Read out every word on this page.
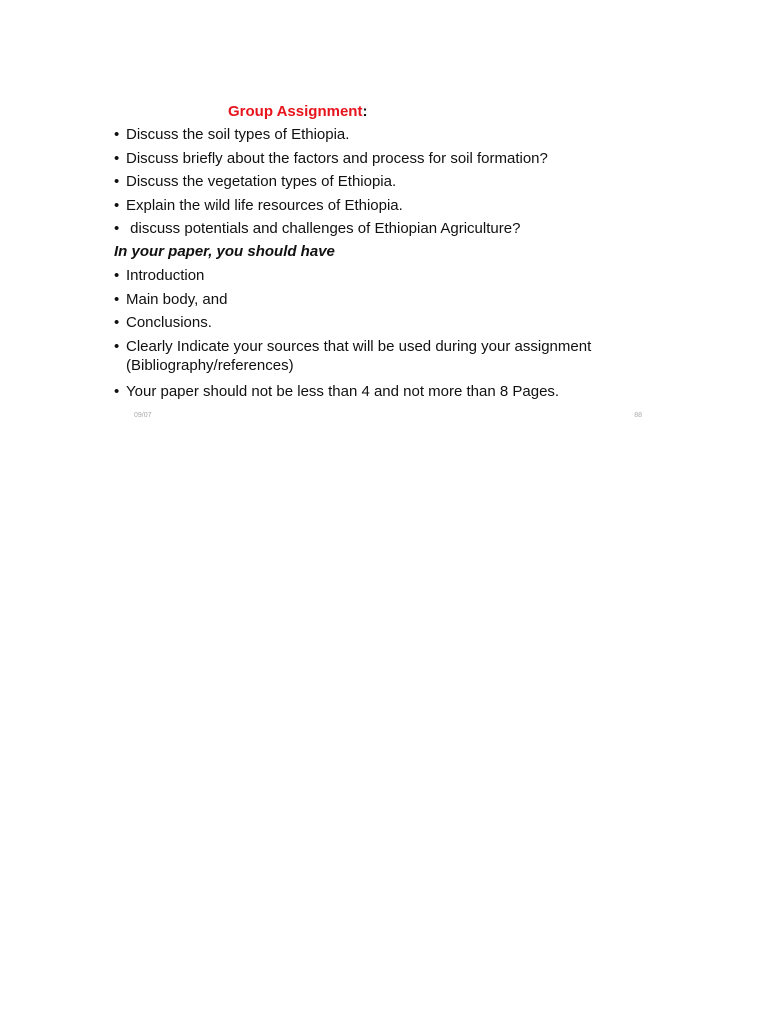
Group Assignment:
• Discuss the soil types of Ethiopia.
• Discuss briefly about the factors and process for soil formation?
• Discuss the vegetation types of Ethiopia.
• Explain the wild life resources of Ethiopia.
• discuss potentials and challenges of Ethiopian Agriculture?
In your paper, you should have
• Introduction
• Main body, and
• Conclusions.
• Clearly Indicate your sources that will be used during your assignment (Bibliography/references)
• Your paper should not be less than 4 and not more than 8 Pages.
09/07	88
